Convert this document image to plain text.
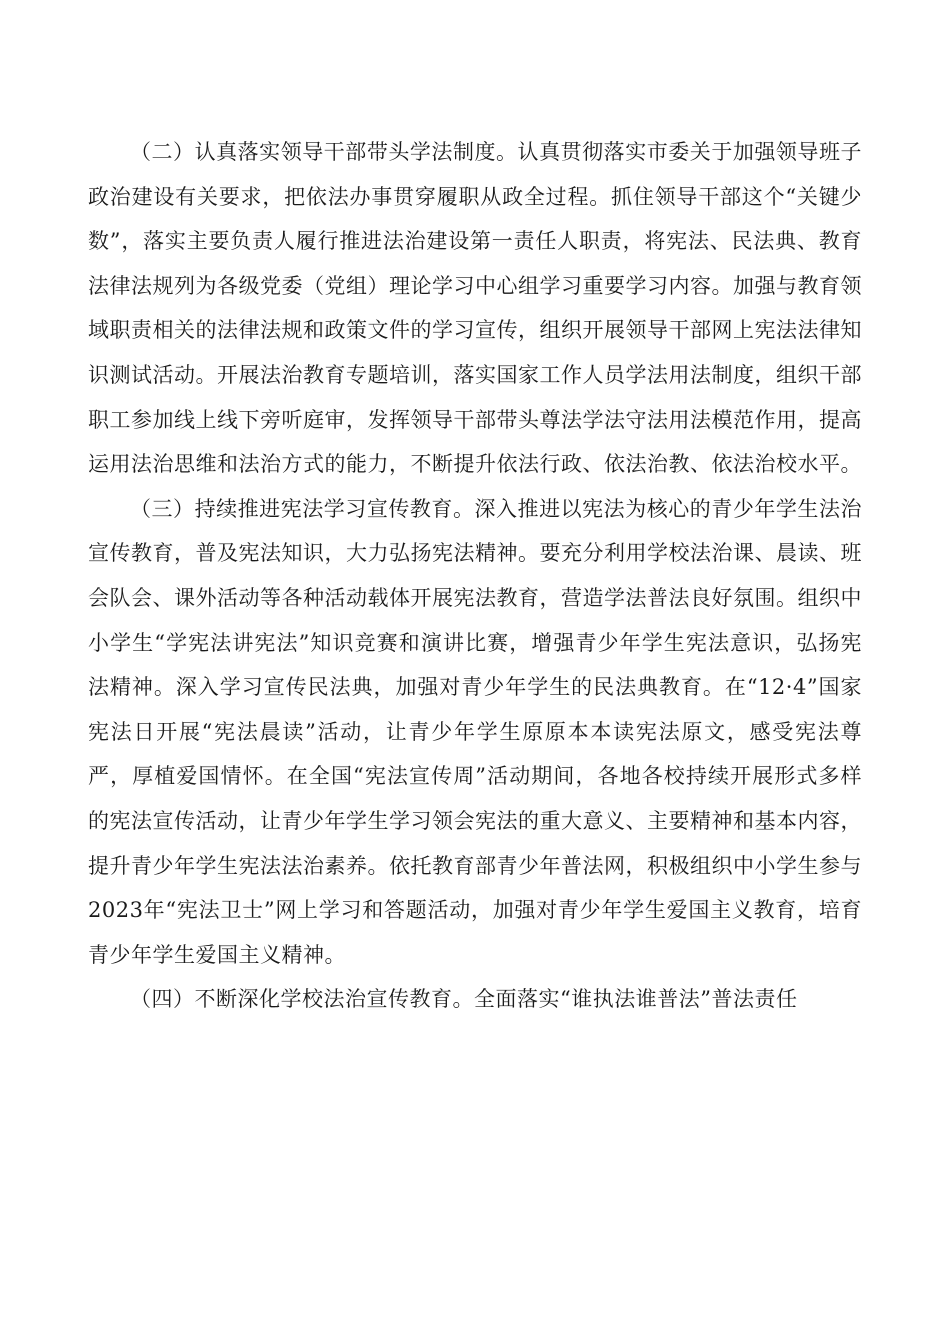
（二）认真落实领导干部带头学法制度。认真贯彻落实市委关于加强领导班子政治建设有关要求，把依法办事贯穿履职从政全过程。抓住领导干部这个“关键少数”，落实主要负责人履行推进法治建设第一责任人职责，将宪法、民法典、教育法律法规列为各级党委（党组）理论学习中心组学习重要学习内容。加强与教育领域职责相关的法律法规和政策文件的学习宣传，组织开展领导干部网上宪法法律知识测试活动。开展法治教育专题培训，落实国家工作人员学法用法制度，组织干部职工参加线上线下旁听庭审，发挥领导干部带头尊法学法守法用法模范作用，提高运用法治思维和法治方式的能力，不断提升依法行政、依法治教、依法治校水平。

（三）持续推进宪法学习宣传教育。深入推进以宪法为核心的青少年学生法治宣传教育，普及宪法知识，大力弘扬宪法精神。要充分利用学校法治课、晨读、班会队会、课外活动等各种活动载体开展宪法教育，营造学法普法良好氛围。组织中小学生“学宪法讲宪法”知识竞赛和演讲比赛，增强青少年学生宪法意识，弘扬宪法精神。深入学习宣传民法典，加强对青少年学生的民法典教育。在“12·4”国家宪法日开展“宪法晨读”活动，让青少年学生原原本本读宪法原文，感受宪法尊严，厚植爱国情怀。在全国“宪法宣传周”活动期间，各地各校持续开展形式多样的宪法宣传活动，让青少年学生学习领会宪法的重大意义、主要精神和基本内容，提升青少年学生宪法法治素养。依托教育部青少年普法网，积极组织中小学生参与2023年“宪法卫士”网上学习和答题活动，加强对青少年学生爱国主义教育，培育青少年学生爱国主义精神。

（四）不断深化学校法治宣传教育。全面落实“谁执法谁普法”普法责任
